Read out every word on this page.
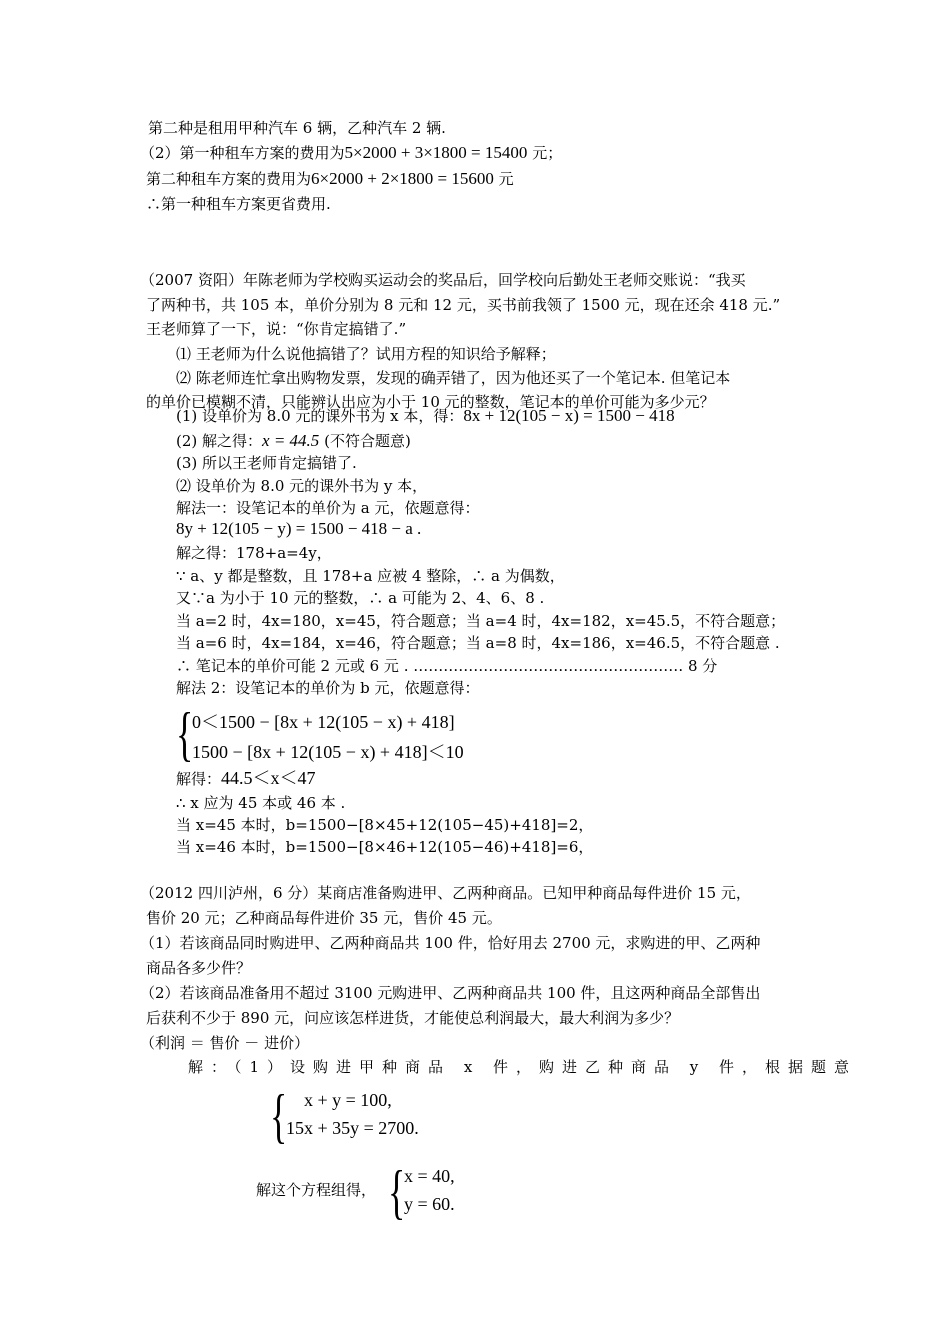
第二种是租用甲种汽车 6 辆，乙种汽车 2 辆.
（2）第一种租车方案的费用为5×2000 + 3×1800 = 15400 元；
第二种租车方案的费用为6×2000 + 2×1800 = 15600 元
∴第一种租车方案更省费用.
（2007 资阳）年陈老师为学校购买运动会的奖品后，回学校向后勤处王老师交账说：“我买
了两种书，共 105 本，单价分别为 8 元和 12 元，买书前我领了 1500 元，现在还余 418 元.”
王老师算了一下，说：“你肯定搞错了.”
⑴ 王老师为什么说他搞错了？试用方程的知识给予解释；
⑵ 陈老师连忙拿出购物发票，发现的确弄错了，因为他还买了一个笔记本. 但笔记本
的单价已模糊不清，只能辨认出应为小于 10 元的整数，笔记本的单价可能为多少元？
(1) 设单价为 8.0 元的课外书为 x 本，得：8x + 12(105 − x) = 1500 − 418
(2) 解之得：x = 44.5 (不符合题意)
(3) 所以王老师肯定搞错了.
⑵ 设单价为 8.0 元的课外书为 y 本，
解法一：设笔记本的单价为 a 元，依题意得：
8y + 12(105 − y) = 1500 − 418 − a .
解之得：178+a=4y，
∵ a、y 都是整数，且 178+a 应被 4 整除，∴ a 为偶数，
又∵a 为小于 10 元的整数，∴ a 可能为 2、4、6、8 .
当 a=2 时，4x=180，x=45，符合题意；当 a=4 时，4x=182，x=45.5，不符合题意；
当 a=6 时，4x=184，x=46，符合题意；当 a=8 时，4x=186，x=46.5，不符合题意 .
∴ 笔记本的单价可能 2 元或 6 元 . ……………………………………………… 8 分
解法 2：设笔记本的单价为 b 元，依题意得：
{
0＜1500 − [8x + 12(105 − x) + 418]
1500 − [8x + 12(105 − x) + 418]＜10
解得：44.5＜x＜47
∴ x 应为 45 本或 46 本 .
当 x=45 本时，b=1500−[8×45+12(105−45)+418]=2，
当 x=46 本时，b=1500−[8×46+12(105−46)+418]=6，
（2012 四川泸州，6 分）某商店准备购进甲、乙两种商品。已知甲种商品每件进价 15 元，
售价 20 元；乙种商品每件进价 35 元，售价 45 元。
（1）若该商品同时购进甲、乙两种商品共 100 件，恰好用去 2700 元，求购进的甲、乙两种
商品各多少件？
（2）若该商品准备用不超过 3100 元购进甲、乙两种商品共 100 件，且这两种商品全部售出
后获利不少于 890 元，问应该怎样进货，才能使总利润最大，最大利润为多少？
（利润 ＝ 售价 － 进价）
解：（1）设购进甲种商品 x 件，购进乙种商品 y 件，根据题意
{ x + y = 100,
15x + 35y = 2700.
解这个方程组得， {
x = 40,
y = 60.
